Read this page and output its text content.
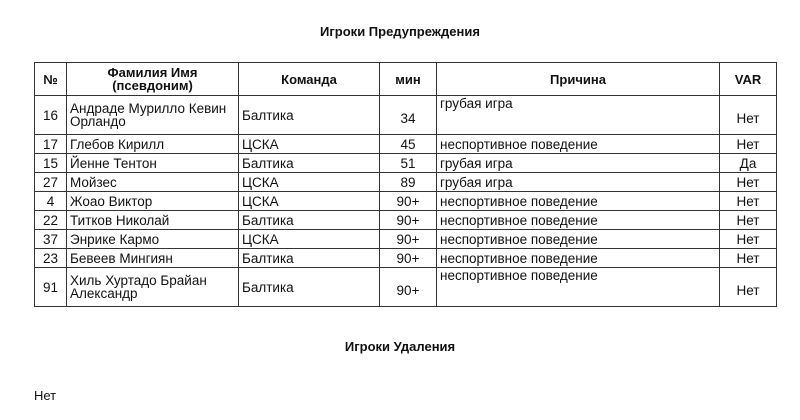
Игроки Предупреждения
№	Фамилия Имя (псевдоним)	Команда	мин	Причина	VAR
16	Андраде Мурилло Кевин Орландо	Балтика	34	грубая игра	Нет
17	Глебов Кирилл	ЦСКА	45	неспортивное поведение	Нет
15	Йенне Тентон	Балтика	51	грубая игра	Да
27	Мойзес	ЦСКА	89	грубая игра	Нет
4	Жоао Виктор	ЦСКА	90+	неспортивное поведение	Нет
22	Титков Николай	Балтика	90+	неспортивное поведение	Нет
37	Энрике Кармо	ЦСКА	90+	неспортивное поведение	Нет
23	Бевеев Мингиян	Балтика	90+	неспортивное поведение	Нет
91	Хиль Хуртадо Брайан Александр	Балтика	90+	неспортивное поведение	Нет
Игроки Удаления
Нет
